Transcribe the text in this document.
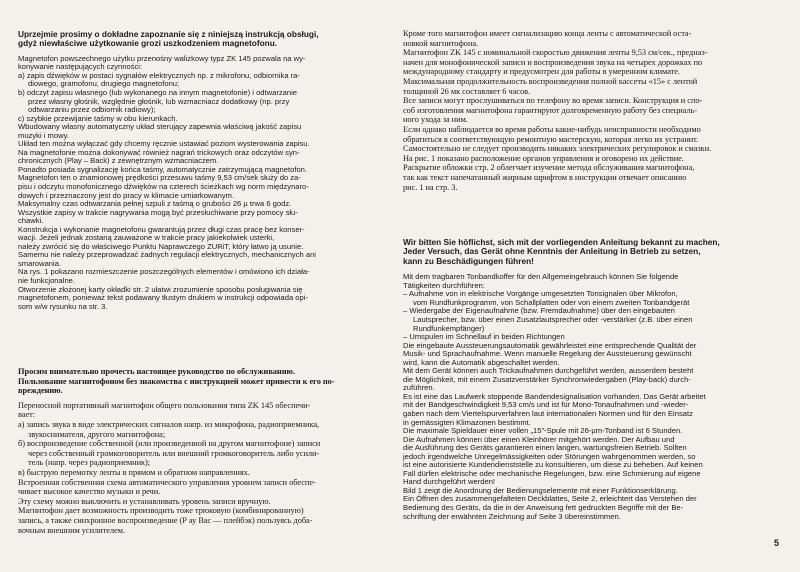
Uprzejmie prosimy o dokładne zapoznanie się z niniejszą instrukcją obsługi,

gdyż niewłaściwe użytkowanie grozi uszkodzeniem magnetofonu.

Magnetofon powszechnego użytku przenośny walizkowy typz ZK 145 pozwala na wy-

konywanie następujących czynności:

a) zapis dźwięków w postaci sygnałów elektrycznych np. z mikrofonu, odbiornika ra-

diowego, gramofonu, drugiego magnetofonu;

b) odczyt zapisu własnego (lub wykonanego na innym magnetofonie) i odtwarzanie

przez własny głośnik, względnie głośnik, lub wzmacniacz dodatkowy (np. przy

odtwarzaniu przez odbiornik radiowy);

c) szybkie przewijanie taśmy w obu kierunkach.

Wbudowany własny automatyczny układ sterujący zapewnia właściwą jakość zapisu

muzyki i mowy.

Układ ten można wyłączać gdy chcemy ręcznie ustawiać poziom wysterowania zapisu.

Na magnetofonie można dokonywać również nagrań trickowych oraz odczytów syn-

chronicznych (Play – Back) z zewnętrznym wzmacniaczem.

Ponadto posiada sygnalizację końca taśmy, automatycznie zatrzymującą magnetofon.

Magnetofon ten o znamionowej prędkości przesuwu taśmy 9,53 cm/sek służy do za-

pisu i odczytu monofonicznego dźwięków na czterech ścieżkach wg norm międzynaro-

dowych i przeznaczony jest do pracy w klimacie umiarkowanym.

Maksymalny czas odtwarzania pełnej szpuli z taśmą o grubości 26 µ trwa 6 godz.

Wszystkie zapisy w trakcie nagrywania mogą być przesłuchiwane przy pomocy słu-

chawki.

Konstrukcja i wykonanie magnetofonu gwarantują przez długi czas pracę bez konser-

wacji. Jeżeli jednak zostaną zauważone w trakcie pracy jakiekolwiek usterki,

należy zwrócić się do właściwego Punktu Naprawczego ZURiT, który łatwo ją usunie.

Samemu nie należy przeprowadzać żadnych regulacji elektrycznych, mechanicznych ani

smarowania.

Na rys. 1 pokazano rozmieszczenie poszczególnych elementów i omówiono ich działa-

nie funkcjonalne.

Otworzenie złożonej karty okładki str. 2 ułatwi zrozumienie sposobu posługiwania się

magnetofonem, ponieważ tekst podawany tłustym drukiem w instrukcji odpowiada opi-

som w/w rysunku na str. 3.

Просим внимательно прочесть настоящее руководство по обслуживанию.

Пользование магнитофоном без знакомства с инструкцией может привести к его по-

вреждению.

Переносной портативный магнитофон общего пользования типа ZK 145 обеспечи-

вает:

а) запись звука в виде электрических сигналов напр. из микрофона, радиоприемника,

звукоснимателя, другого магнитофона;

б) воспроизведение собственной (или произведенной на другом магнитофоне) записи

через собственный громкоговоритель или внешний громкоговоритель либо усили-

тель (напр. через радиоприемник);

в) быструю перемотку ленты в прямом и обратном направлениях.

Встроенная собственная схема автоматического управления уровнем записи обеспе-

чивает высокое качество музыки и речи.

Эту схему можно выключить и устанавливать уровень записи вручную.

Магнитофон дает возможность производить тоже трюковую (комбинированную)

запись, а также синхронное воспроизведение (Р ау Вас — плейбэк) пользуясь доба-

вочным внешним усилителем.

Кроме того магнитофон имеет сигнализацию конца ленты с автоматической оста-

новкой магнитофона.

Магнитофон ZK 145 с номинальной скоростью движения ленты 9,53 см/сек., предназ-

начен для монофонической записи и воспроизведения звука на четырех дорожках по

международному стандарту и предусмотрен для работы в умеренном климате.

Максимальная продолжительность воспроизведения полной кассеты «15» с лентой

толщиной 26 мк составляет 6 часов.

Все записи могут прослушиваться по телефону во время записи. Конструкция и спо-

соб изготовления магнитофона гарантируют долговременную работу без специаль-

ного ухода за ним.

Если однако наблюдается во время работы какие-нибудь неисправности необходимо

обратиться в соответствующую ремонтную мастерскую, которая легко их устранит.

Самостоятельно не следует производить никаких электрических регулировок и смазки.

На рис. 1 показано расположение органов управления и оговорено их действие.

Раскрытие обложки стр. 2 облегчает изучение метода обслуживания магнитофона,

так как текст напечатанный жирным шрифтом в инструкции отвечает описанию

рис. 1 на стр. 3.

Wir bitten Sie höflichst, sich mit der vorliegenden Anleitung bekannt zu machen,

Jeder Versuch, das Gerät ohne Kenntnis der Anleitung in Betrieb zu setzen,

kann zu Beschädigungen führen!

Mit dem tragbaren Tonbandkoffer für den Allgemeingebrauch können Sie folgende

Tätigkeiten durchführen:

– Aufnahme von in elektrische Vorgänge umgesetzten Tonsignalen über Mikrofon,

vom Rundfunkprogramm, von Schallplatten oder von einem zweiten Tonbandgerät

– Wiedergabe der Eigenaufnahme (bzw. Fremdaufnahme) über den eingebauten

Lautsprecher, bzw. über einen Zusatzlautsprecher oder -verstärker (z.B. über einen

Rundfunkempfänger)

– Umspulen im Schnellauf in beiden Richtungen

Die eingebaute Aussteuerungsautomatik gewährleistet eine entsprechende Qualität der

Musik- und Sprachaufnahme. Wenn manuelle Regelung der Aussteuerung gewünscht

wird, kann die Automatik abgeschaltet werden.

Mit dem Gerät können auch Trickaufnahmen durchgeführt werden, ausserdem besteht

die Möglichkeit, mit einem Zusatzverstärker Synchronwiedergaben (Play-back) durch-

zuführen.

Es ist eine das Laufwerk stoppende Bandendesignalisation vorhanden. Das Gerät arbeitet

mit der Bandgeschwindigkeit 9,53 cm/s und ist für Mono-Tonaufnahmen und -wieder-

gaben nach dem Viertelspurverfahren laut internationalen Normen und für den Einsatz

in gemässigten Klimazonen bestimmt.

Die maximale Spieldauer einer vollen „15"-Spule mit 26-µm-Tonband ist 6 Stunden.

Die Aufnahmen können über einen Kleinhörer mitgehört werden. Der Aufbau und

die Ausführung des Geräts garantieren einen langen, wartungsfreien Betrieb. Sollten

jedoch irgendwelche Unregelmässigkeiten oder Störungen wahrgenommen werden, so

ist eine autorisierte Kundendienststelle zu konsultieren, um diese zu beheben. Auf keinen

Fall dürfen elektrische oder mechanische Regelungen, bzw. eine Schmierung auf eigene

Hand durchgeführt werden!

Bild 1 zeigt die Anordnung der Bedienungselemente mit einer Funktionserklärung.

Ein Öffnen des zusammengefalteten Deckblattes, Seite 2, erleichtert das Verstehen der

Bedienung des Geräts, da die in der Anweisung fett gedruckten Begriffe mit der Be-

schriftung der erwähnten Zeichnung auf Seite 3 übereinstimmen.

5
